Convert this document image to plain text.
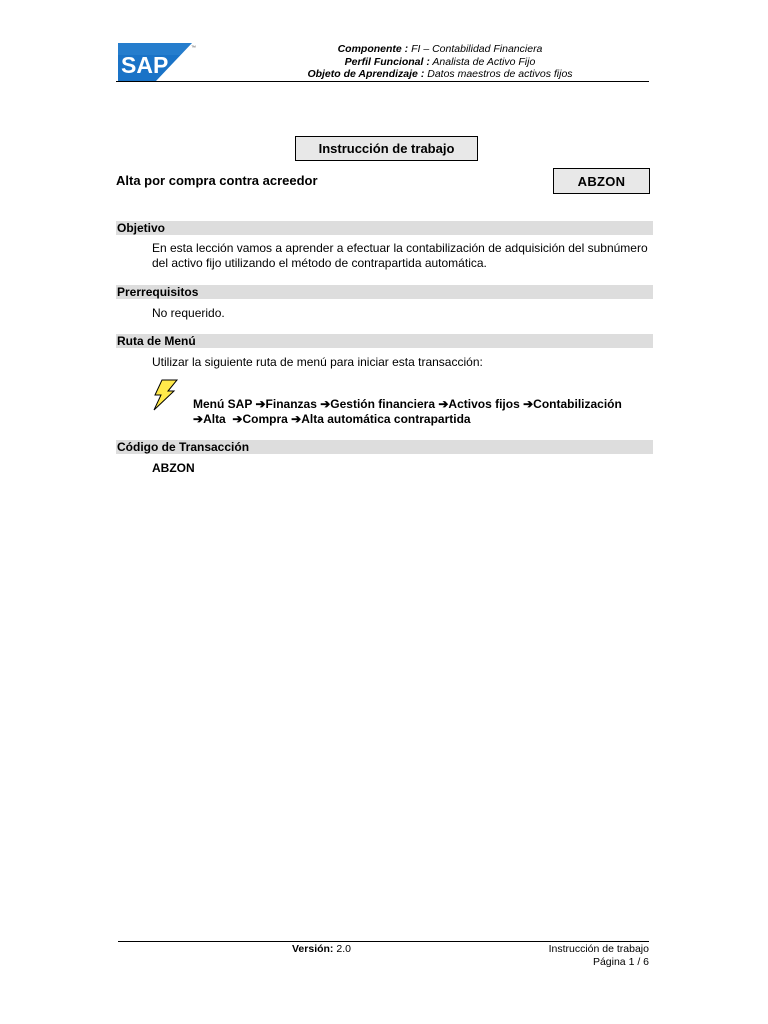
SAP
™	Componente : FI – Contabilidad Financiera
Perfil Funcional : Analista de Activo Fijo
Objeto de Aprendizaje : Datos maestros de activos fijos
Instrucción de trabajo
Alta por compra contra acreedor	ABZON
Objetivo
En esta lección vamos a aprender a efectuar la contabilización de adquisición del subnúmero del activo fijo utilizando el método de contrapartida automática.
Prerrequisitos
No requerido.
Ruta de Menú
Utilizar la siguiente ruta de menú para iniciar esta transacción:
Menú SAP ➔Finanzas ➔Gestión financiera ➔Activos fijos ➔Contabilización
➔Alta ➔Compra ➔Alta automática contrapartida
Código de Transacción
ABZON
Versión: 2.0	Instrucción de trabajo
Página 1 / 6
